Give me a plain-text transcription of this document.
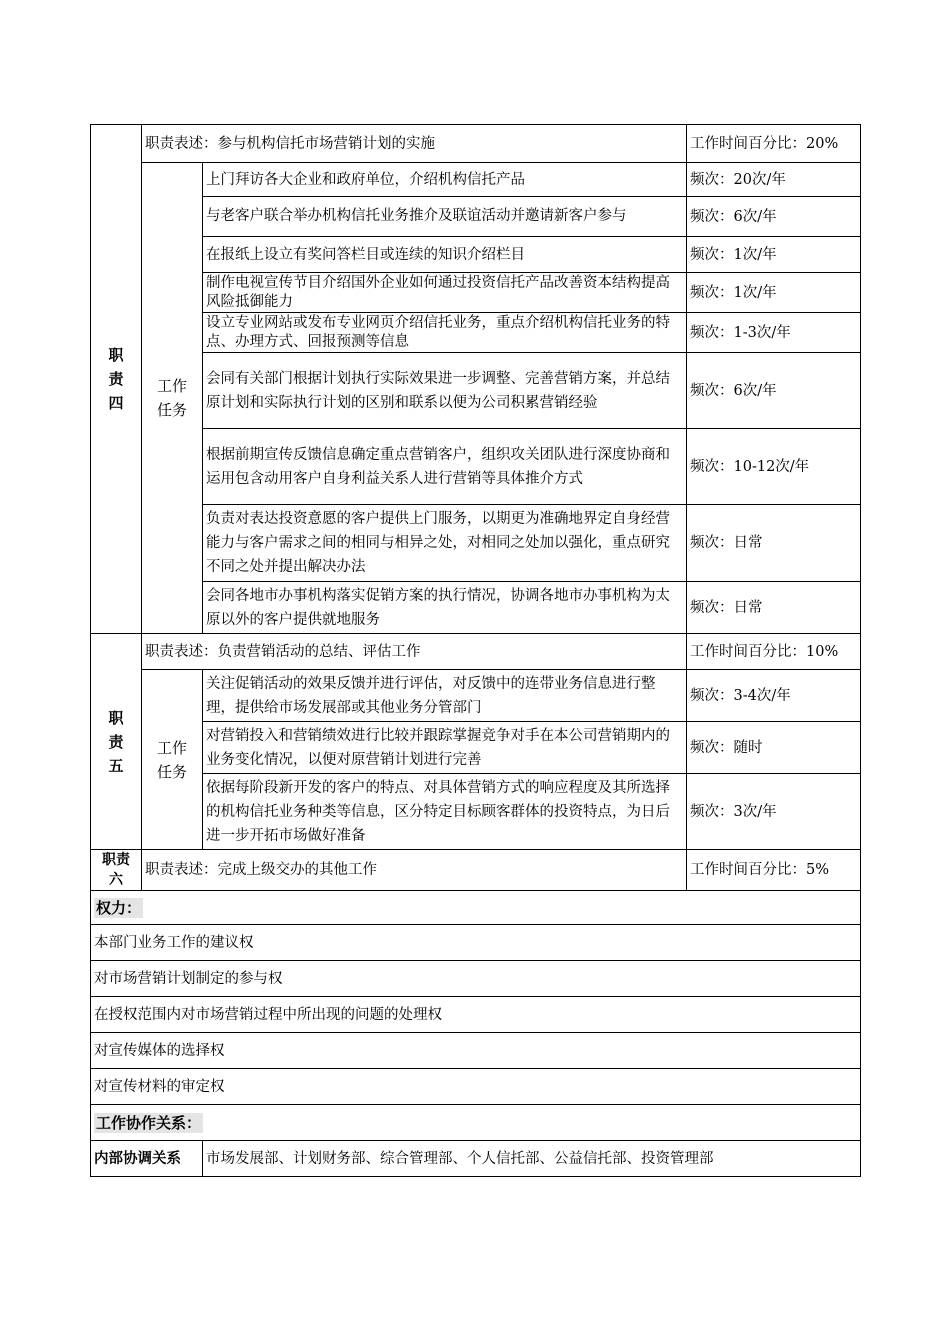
职
责
四	职责表述：参与机构信托市场营销计划的实施		工作时间百分比：20%
	工作
任务	上门拜访各大企业和政府单位，介绍机构信托产品	频次：20次/年
		与老客户联合举办机构信托业务推介及联谊活动并邀请新客户参与	频次：6次/年
		在报纸上设立有奖问答栏目或连续的知识介绍栏目	频次：1次/年
		制作电视宣传节目介绍国外企业如何通过投资信托产品改善资本结构提高风险抵御能力	频次：1次/年
		设立专业网站或发布专业网页介绍信托业务，重点介绍机构信托业务的特点、办理方式、回报预测等信息	频次：1-3次/年
		会同有关部门根据计划执行实际效果进一步调整、完善营销方案，并总结原计划和实际执行计划的区别和联系以便为公司积累营销经验	频次：6次/年
		根据前期宣传反馈信息确定重点营销客户，组织攻关团队进行深度协商和运用包含动用客户自身利益关系人进行营销等具体推介方式	频次：10-12次/年
		负责对表达投资意愿的客户提供上门服务，以期更为准确地界定自身经营能力与客户需求之间的相同与相异之处，对相同之处加以强化，重点研究不同之处并提出解决办法	频次：日常
		会同各地市办事机构落实促销方案的执行情况，协调各地市办事机构为太原以外的客户提供就地服务	频次：日常
职
责
五	职责表述：负责营销活动的总结、评估工作		工作时间百分比：10%
	工作
任务	关注促销活动的效果反馈并进行评估，对反馈中的连带业务信息进行整理，提供给市场发展部或其他业务分管部门	频次：3-4次/年
		对营销投入和营销绩效进行比较并跟踪掌握竞争对手在本公司营销期内的业务变化情况，以便对原营销计划进行完善	频次：随时
		依据每阶段新开发的客户的特点、对具体营销方式的响应程度及其所选择的机构信托业务种类等信息，区分特定目标顾客群体的投资特点，为日后进一步开拓市场做好准备	频次：3次/年
职责
六	职责表述：完成上级交办的其他工作		工作时间百分比：5%
权力：			
本部门业务工作的建议权			
对市场营销计划制定的参与权			
在授权范围内对市场营销过程中所出现的问题的处理权			
对宣传媒体的选择权			
对宣传材料的审定权			
工作协作关系：			
内部协调关系		市场发展部、计划财务部、综合管理部、个人信托部、公益信托部、投资管理部	
